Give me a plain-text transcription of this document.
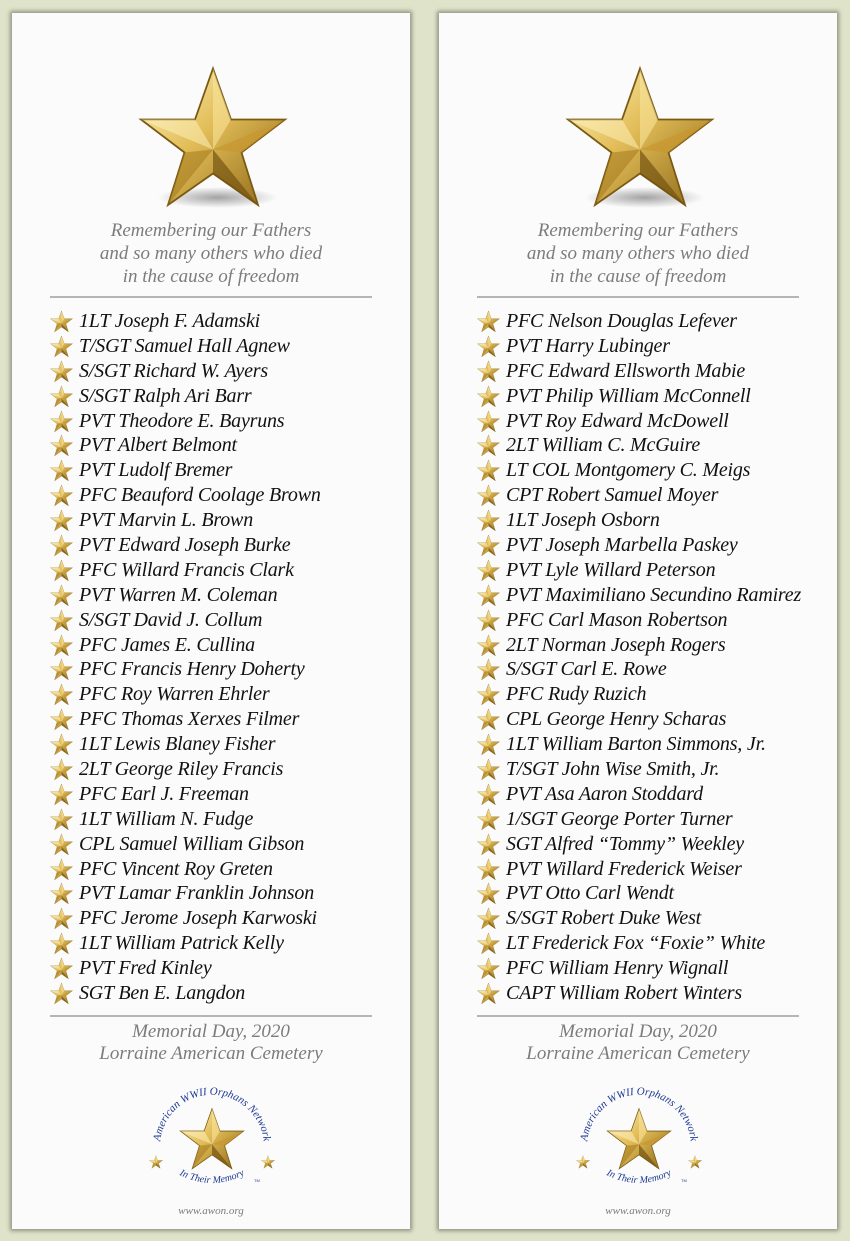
Remembering our Fathers
and so many others who died
in the cause of freedom
1LT Joseph F. Adamski
T/SGT Samuel Hall Agnew
S/SGT Richard W. Ayers
S/SGT Ralph Ari Barr
PVT Theodore E. Bayruns
PVT Albert Belmont
PVT Ludolf Bremer
PFC Beauford Coolage Brown
PVT Marvin L. Brown
PVT Edward Joseph Burke
PFC Willard Francis Clark
PVT Warren M. Coleman
S/SGT David J. Collum
PFC James E. Cullina
PFC Francis Henry Doherty
PFC Roy Warren Ehrler
PFC Thomas Xerxes Filmer
1LT Lewis Blaney Fisher
2LT George Riley Francis
PFC Earl J. Freeman
1LT William N. Fudge
CPL Samuel William Gibson
PFC Vincent Roy Greten
PVT Lamar Franklin Johnson
PFC Jerome Joseph Karwoski
1LT William Patrick Kelly
PVT Fred Kinley
SGT Ben E. Langdon
Memorial Day, 2020
Lorraine American Cemetery
American WWII Orphans Network
In Their Memory
TM
www.awon.org
Remembering our Fathers
and so many others who died
in the cause of freedom
PFC Nelson Douglas Lefever
PVT Harry Lubinger
PFC Edward Ellsworth Mabie
PVT Philip William McConnell
PVT Roy Edward McDowell
2LT William C. McGuire
LT COL Montgomery C. Meigs
CPT Robert Samuel Moyer
1LT Joseph Osborn
PVT Joseph Marbella Paskey
PVT Lyle Willard Peterson
PVT Maximiliano Secundino Ramirez
PFC Carl Mason Robertson
2LT Norman Joseph Rogers
S/SGT Carl E. Rowe
PFC Rudy Ruzich
CPL George Henry Scharas
1LT William Barton Simmons, Jr.
T/SGT John Wise Smith, Jr.
PVT Asa Aaron Stoddard
1/SGT George Porter Turner
SGT Alfred “Tommy” Weekley
PVT Willard Frederick Weiser
PVT Otto Carl Wendt
S/SGT Robert Duke West
LT Frederick Fox “Foxie” White
PFC William Henry Wignall
CAPT William Robert Winters
Memorial Day, 2020
Lorraine American Cemetery
American WWII Orphans Network
In Their Memory
TM
www.awon.org
